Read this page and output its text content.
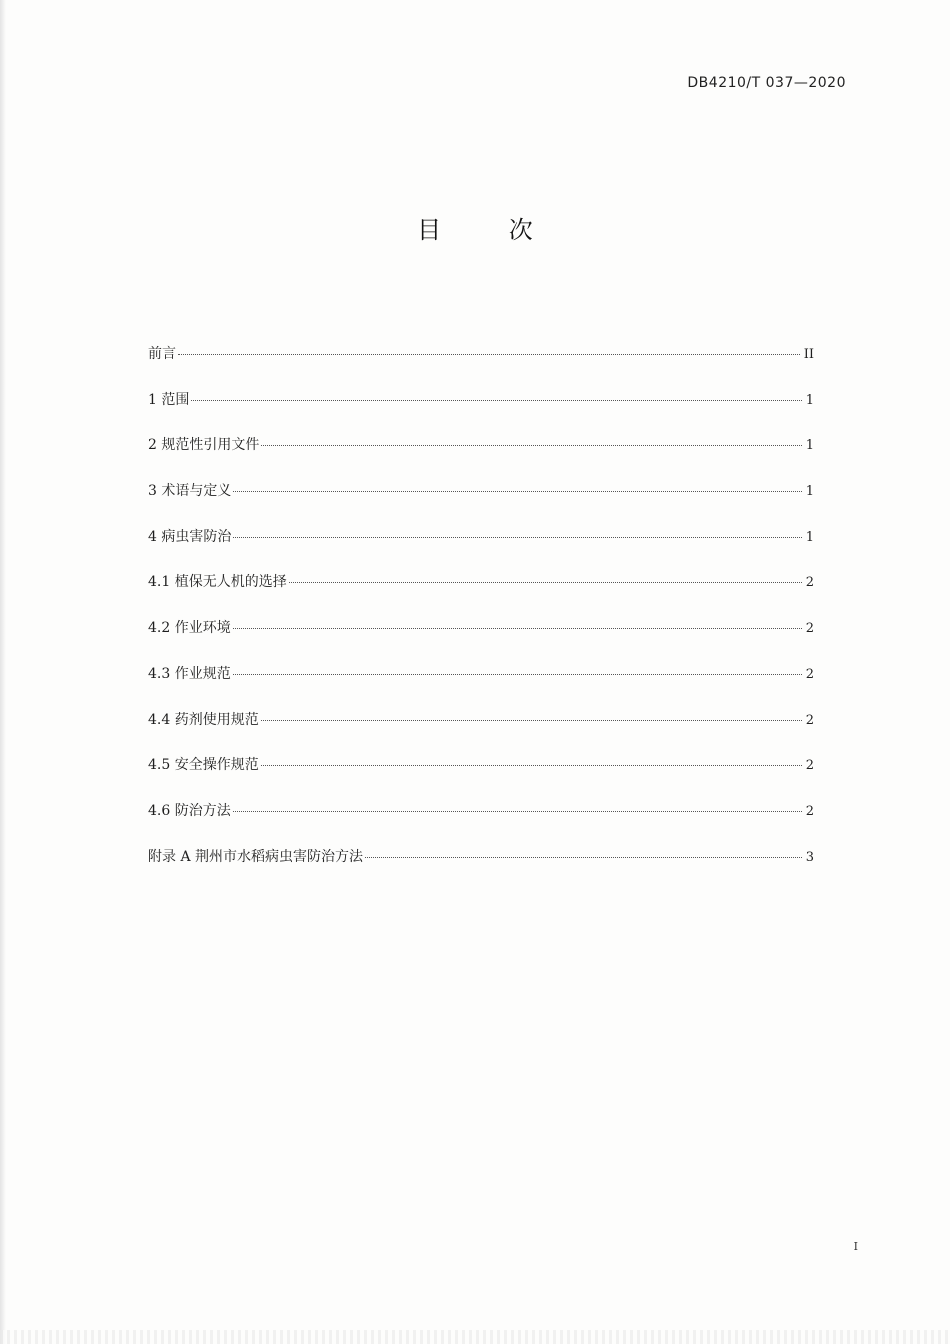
DB4210/T 037—2020
目 次
前言	II
1 范围	1
2 规范性引用文件	1
3 术语与定义	1
4 病虫害防治	1
4.1 植保无人机的选择	2
4.2 作业环境	2
4.3 作业规范	2
4.4 药剂使用规范	2
4.5 安全操作规范	2
4.6 防治方法	2
附录 A 荆州市水稻病虫害防治方法	3
I
